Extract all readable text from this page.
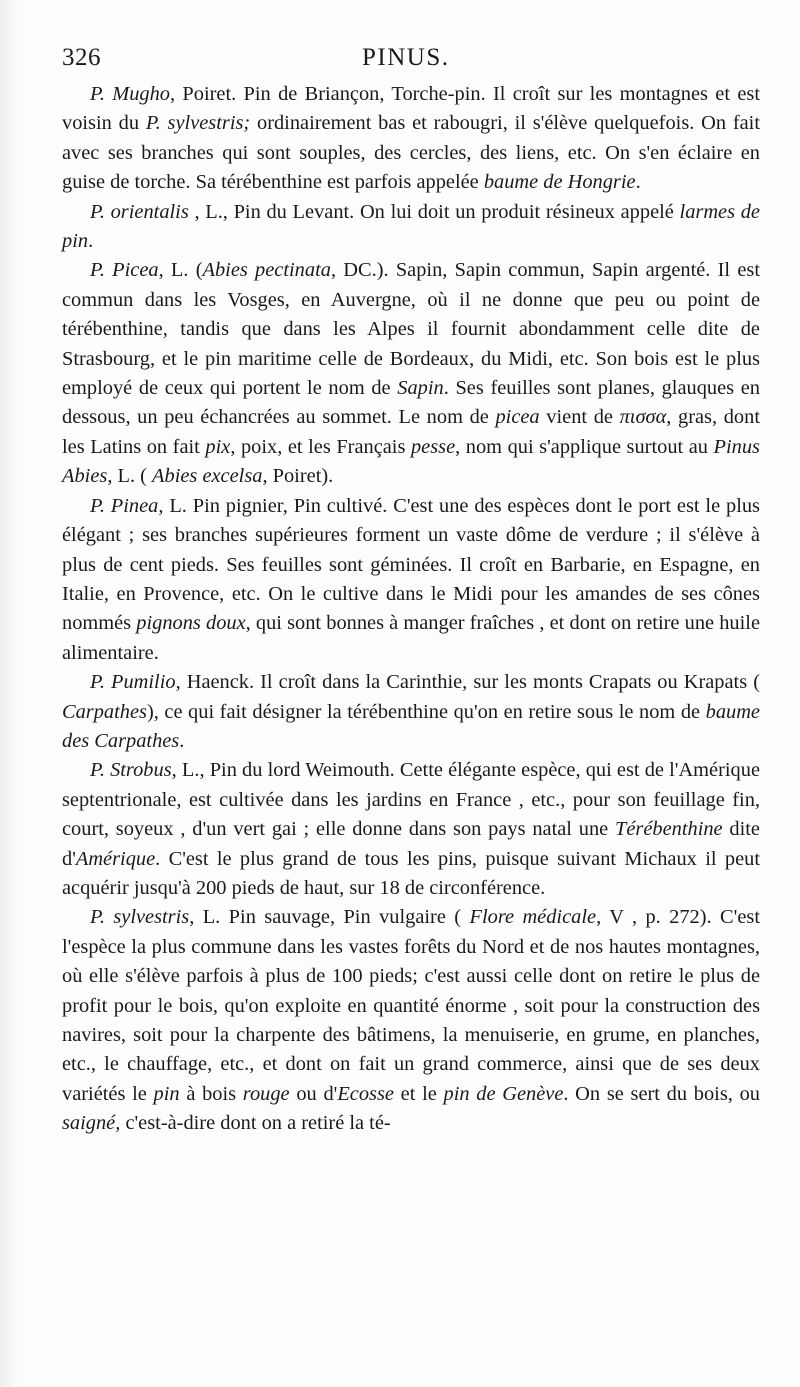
326	PINUS.

P. Mugho, Poiret. Pin de Briançon, Torche-pin. Il croît sur les montagnes et est voisin du P. sylvestris; ordinairement bas et rabougri, il s'élève quelquefois. On fait avec ses branches qui sont souples, des cercles, des liens, etc. On s'en éclaire en guise de torche. Sa térébenthine est parfois appelée baume de Hongrie.

P. orientalis , L., Pin du Levant. On lui doit un produit résineux appelé larmes de pin.

P. Picea, L. (Abies pectinata, DC.). Sapin, Sapin commun, Sapin argenté. Il est commun dans les Vosges, en Auvergne, où il ne donne que peu ou point de térébenthine, tandis que dans les Alpes il fournit abondamment celle dite de Strasbourg, et le pin maritime celle de Bordeaux, du Midi, etc. Son bois est le plus employé de ceux qui portent le nom de Sapin. Ses feuilles sont planes, glauques en dessous, un peu échancrées au sommet. Le nom de picea vient de πισσα, gras, dont les Latins on fait pix, poix, et les Français pesse, nom qui s'applique surtout au Pinus Abies, L. ( Abies excelsa, Poiret).

P. Pinea, L. Pin pignier, Pin cultivé. C'est une des espèces dont le port est le plus élégant ; ses branches supérieures forment un vaste dôme de verdure ; il s'élève à plus de cent pieds. Ses feuilles sont géminées. Il croît en Barbarie, en Espagne, en Italie, en Provence, etc. On le cultive dans le Midi pour les amandes de ses cônes nommés pignons doux, qui sont bonnes à manger fraîches , et dont on retire une huile alimentaire.

P. Pumilio, Haenck. Il croît dans la Carinthie, sur les monts Crapats ou Krapats ( Carpathes), ce qui fait désigner la térébenthine qu'on en retire sous le nom de baume des Carpathes.

P. Strobus, L., Pin du lord Weimouth. Cette élégante espèce, qui est de l'Amérique septentrionale, est cultivée dans les jardins en France , etc., pour son feuillage fin, court, soyeux , d'un vert gai ; elle donne dans son pays natal une Térébenthine dite d'Amérique. C'est le plus grand de tous les pins, puisque suivant Michaux il peut acquérir jusqu'à 200 pieds de haut, sur 18 de circonférence.

P. sylvestris, L. Pin sauvage, Pin vulgaire ( Flore médicale, V , p. 272). C'est l'espèce la plus commune dans les vastes forêts du Nord et de nos hautes montagnes, où elle s'élève parfois à plus de 100 pieds; c'est aussi celle dont on retire le plus de profit pour le bois, qu'on exploite en quantité énorme , soit pour la construction des navires, soit pour la charpente des bâtimens, la menuiserie, en grume, en planches, etc., le chauffage, etc., et dont on fait un grand commerce, ainsi que de ses deux variétés le pin à bois rouge ou d'Ecosse et le pin de Genève. On se sert du bois, ou saigné, c'est-à-dire dont on a retiré la té-
